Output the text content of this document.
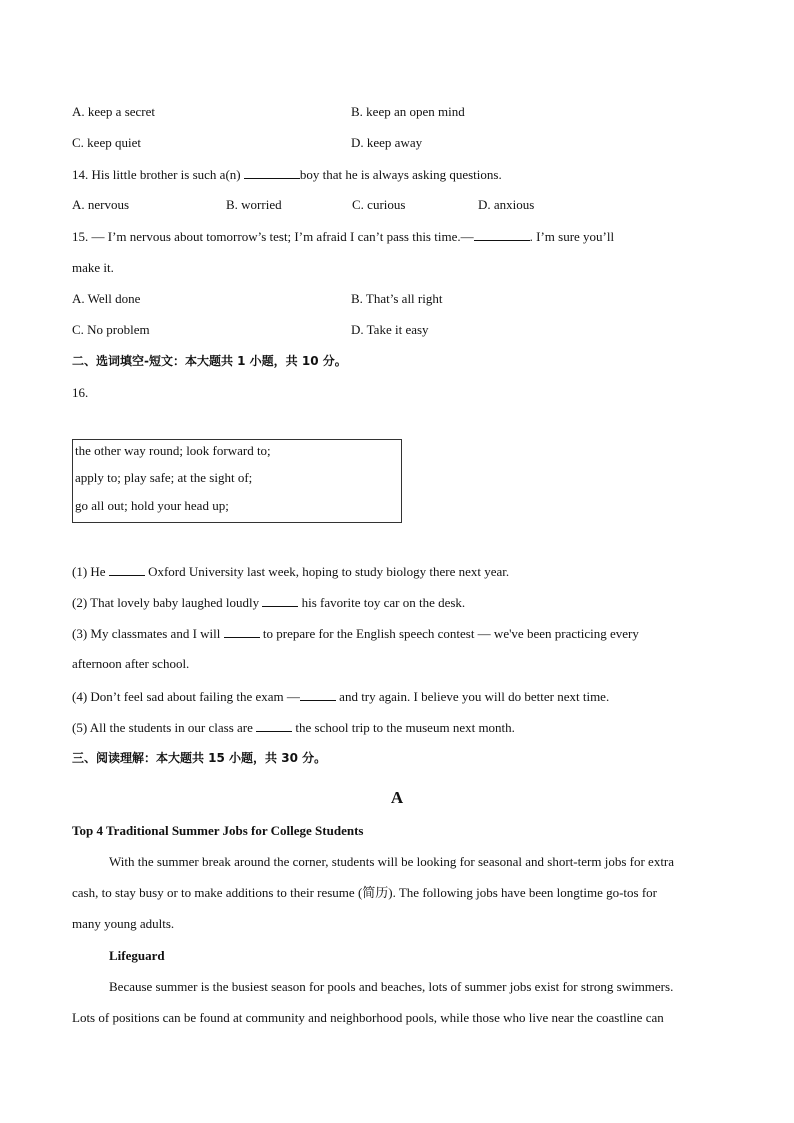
A. keep a secret	B. keep an open mind
C. keep quiet	D. keep away
14. His little brother is such a(n)	boy that he is always asking questions.
A. nervous	B. worried	C. curious	D. anxious
15. — I’m nervous about tomorrow’s test; I’m afraid I can’t pass this time.—	. I’m sure you’ll
make it.
A. Well done	B. That’s all right
C. No problem	D. Take it easy
二、选词填空-短文：本大题共 1 小题，共 10 分。
16.
the other way round; look forward to;
apply to; play safe; at the sight of;
go all out; hold your head up;
(1) He	Oxford University last week, hoping to study biology there next year.
(2) That lovely baby laughed loudly	his favorite toy car on the desk.
(3) My classmates and I will	to prepare for the English speech contest — we've been practicing every
afternoon after school.
(4) Don’t feel sad about failing the exam —	and try again. I believe you will do better next time.
(5) All the students in our class are	the school trip to the museum next month.
三、阅读理解：本大题共 15 小题，共 30 分。
A
Top 4 Traditional Summer Jobs for College Students
With the summer break around the corner, students will be looking for seasonal and short-term jobs for extra
cash, to stay busy or to make additions to their resume (简历). The following jobs have been longtime go-tos for
many young adults.
Lifeguard
Because summer is the busiest season for pools and beaches, lots of summer jobs exist for strong swimmers.
Lots of positions can be found at community and neighborhood pools, while those who live near the coastline can
